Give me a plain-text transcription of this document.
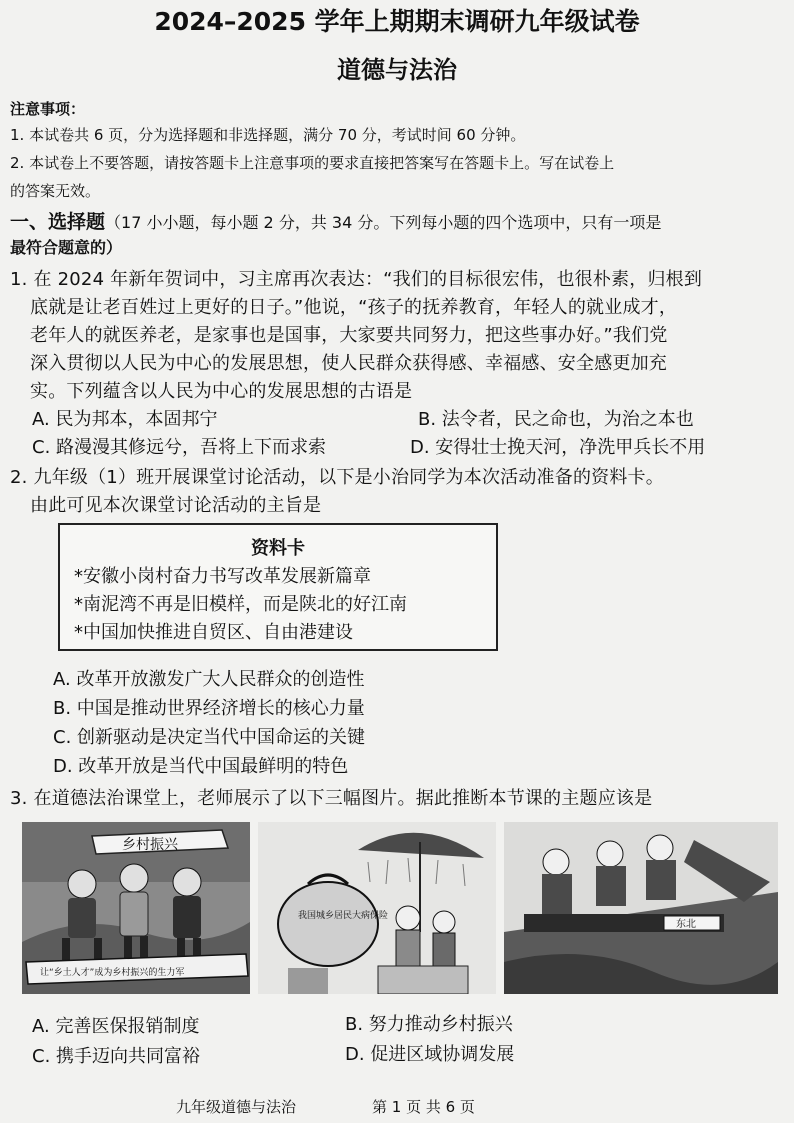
2024–2025 学年上期期末调研九年级试卷
道德与法治
注意事项：
1. 本试卷共 6 页，分为选择题和非选择题，满分 70 分，考试时间 60 分钟。
2. 本试卷上不要答题，请按答题卡上注意事项的要求直接把答案写在答题卡上。写在试卷上
的答案无效。
一、选择题（17 小小题，每小题 2 分，共 34 分。下列每小题的四个选项中，只有一项是
最符合题意的）
1. 在 2024 年新年贺词中，习主席再次表达：“我们的目标很宏伟，也很朴素，归根到
底就是让老百姓过上更好的日子。”他说，“孩子的抚养教育，年轻人的就业成才，
老年人的就医养老，是家事也是国事，大家要共同努力，把这些事办好。”我们党
深入贯彻以人民为中心的发展思想，使人民群众获得感、幸福感、安全感更加充
实。下列蕴含以人民为中心的发展思想的古语是
A. 民为邦本，本固邦宁	B. 法令者，民之命也，为治之本也
C. 路漫漫其修远兮，吾将上下而求索	D. 安得壮士挽天河，净洗甲兵长不用
2. 九年级（1）班开展课堂讨论活动，以下是小治同学为本次活动准备的资料卡。
由此可见本次课堂讨论活动的主旨是
资料卡
*安徽小岗村奋力书写改革发展新篇章
*南泥湾不再是旧模样，而是陕北的好江南
*中国加快推进自贸区、自由港建设
A. 改革开放激发广大人民群众的创造性
B. 中国是推动世界经济增长的核心力量
C. 创新驱动是决定当代中国命运的关键
D. 改革开放是当代中国最鲜明的特色
3. 在道德法治课堂上，老师展示了以下三幅图片。据此推断本节课的主题应该是
乡村振兴
让“乡土人才”成为乡村振兴的生力军
我国城乡居民大病保险
东北
A. 完善医保报销制度	B. 努力推动乡村振兴
C. 携手迈向共同富裕	D. 促进区域协调发展
九年级道德与法治	第 1 页 共 6 页
